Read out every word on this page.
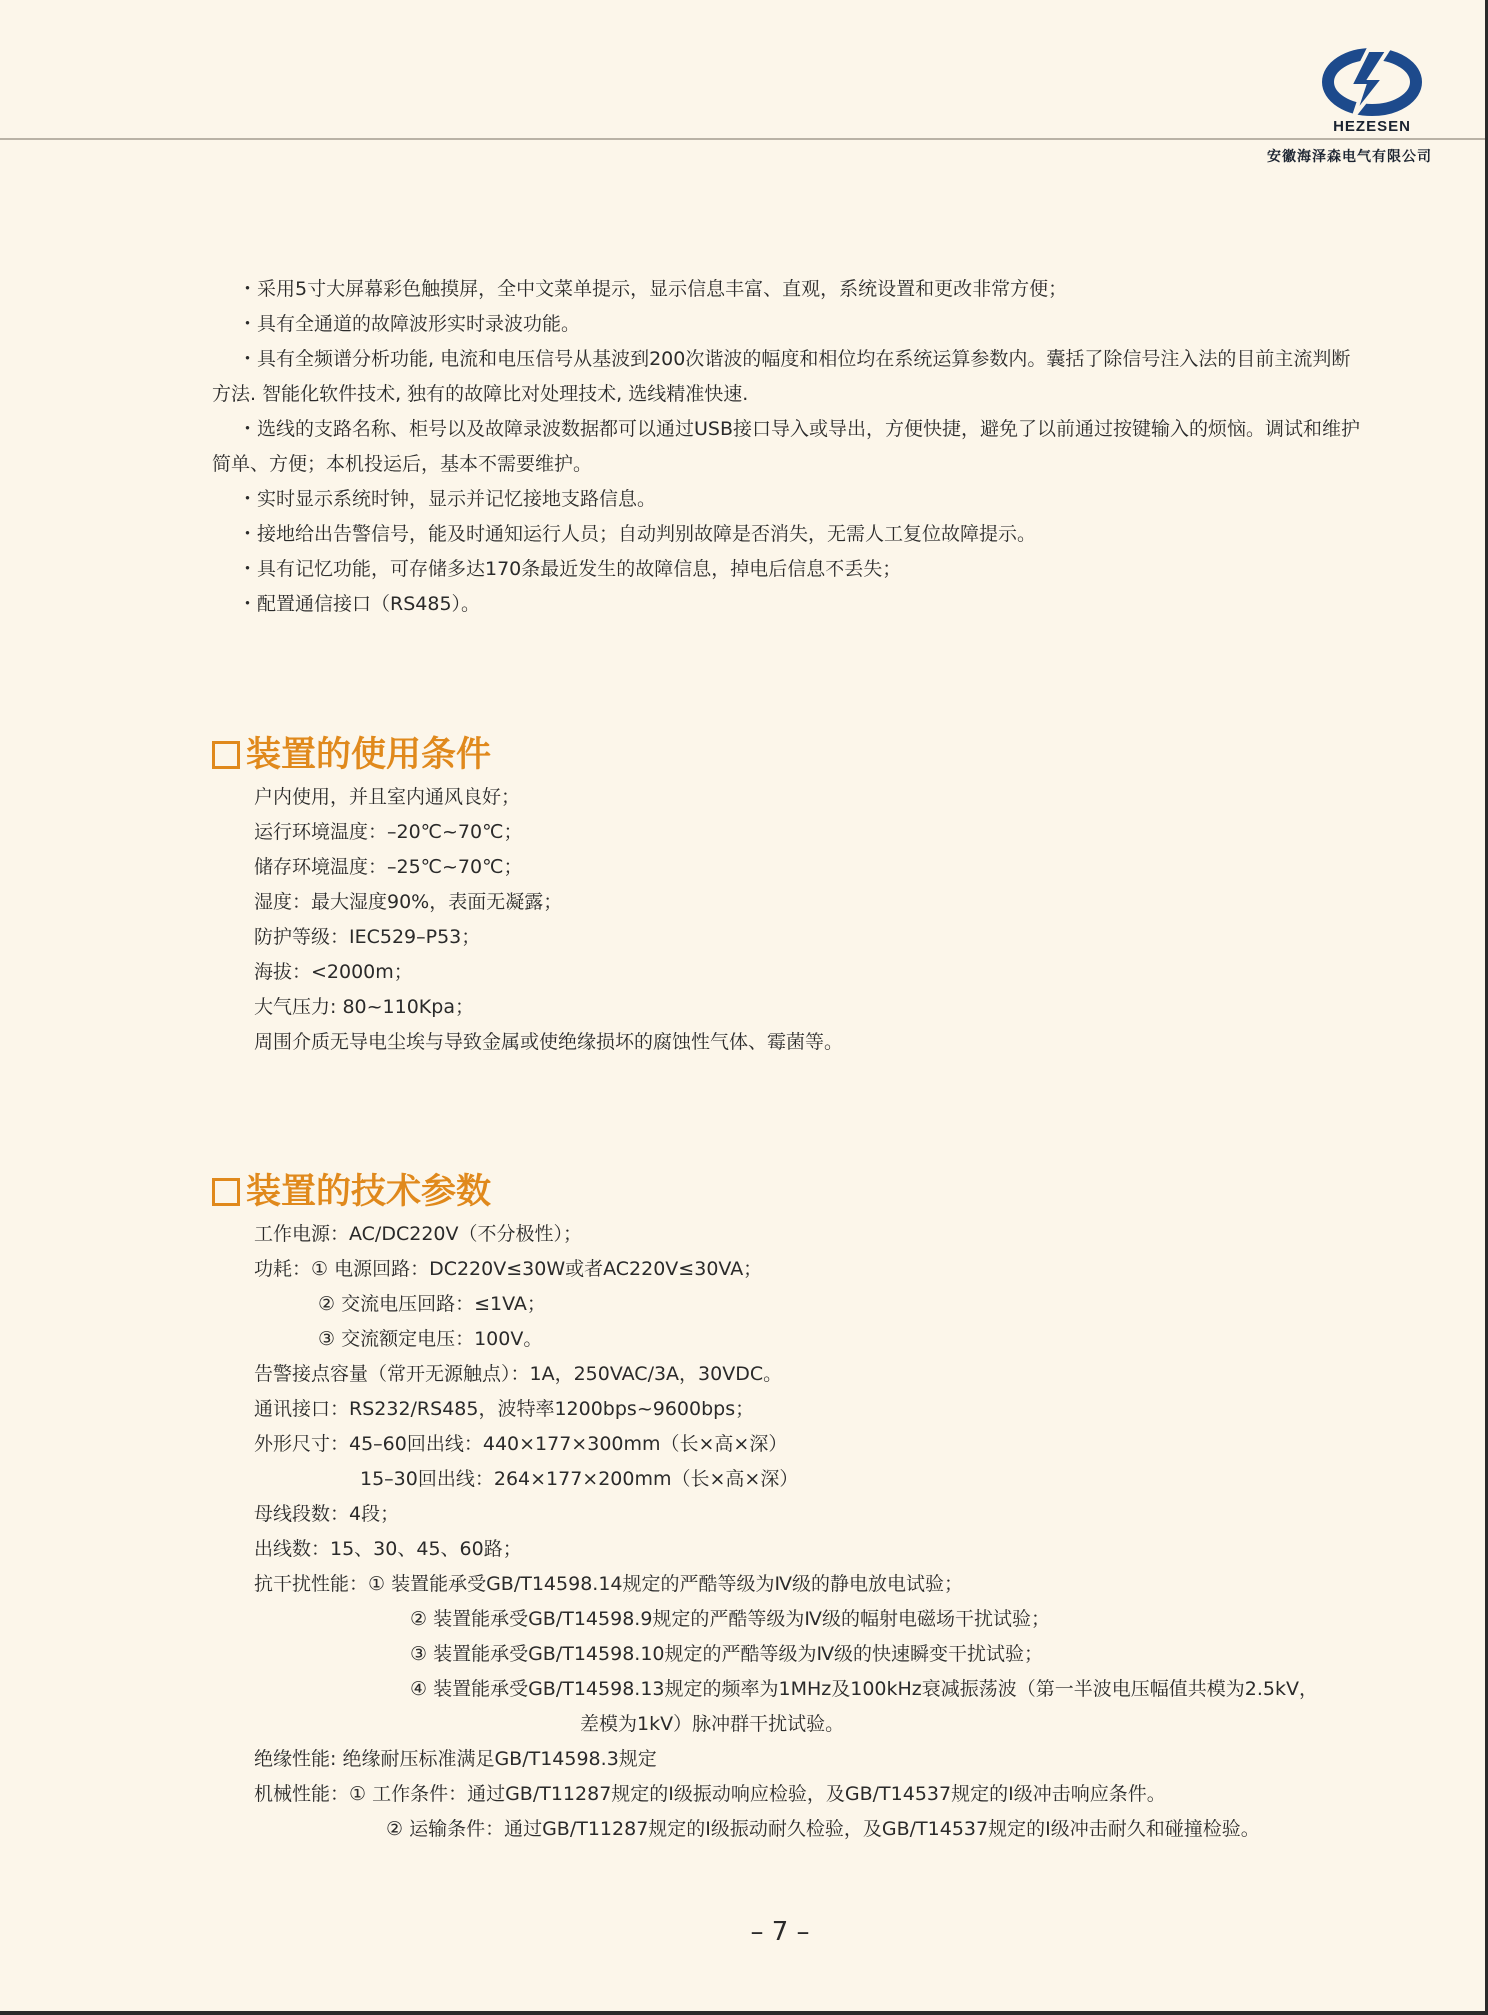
HEZESEN
安徽海泽森电气有限公司
・采用5寸大屏幕彩色触摸屏，全中文菜单提示，显示信息丰富、直观，系统设置和更改非常方便；
・具有全通道的故障波形实时录波功能。
・具有全频谱分析功能, 电流和电压信号从基波到200次谐波的幅度和相位均在系统运算参数内。囊括了除信号注入法的目前主流判断方法. 智能化软件技术, 独有的故障比对处理技术, 选线精准快速.
・选线的支路名称、柜号以及故障录波数据都可以通过USB接口导入或导出，方便快捷，避免了以前通过按键输入的烦恼。调试和维护简单、方便；本机投运后，基本不需要维护。
・实时显示系统时钟，显示并记忆接地支路信息。
・接地给出告警信号，能及时通知运行人员；自动判别故障是否消失，无需人工复位故障提示。
・具有记忆功能，可存储多达170条最近发生的故障信息，掉电后信息不丢失；
・配置通信接口（RS485）。
装置的使用条件
户内使用，并且室内通风良好；
运行环境温度：–20℃~70℃；
储存环境温度：–25℃~70℃；
湿度：最大湿度90%，表面无凝露；
防护等级：IEC529–P53；
海拔：<2000m；
大气压力: 80~110Kpa；
周围介质无导电尘埃与导致金属或使绝缘损坏的腐蚀性气体、霉菌等。
装置的技术参数
工作电源：AC/DC220V（不分极性）；
功耗：① 电源回路：DC220V≤30W或者AC220V≤30VA；
② 交流电压回路：≤1VA；
③ 交流额定电压：100V。
告警接点容量（常开无源触点）：1A，250VAC/3A，30VDC。
通讯接口：RS232/RS485，波特率1200bps~9600bps；
外形尺寸：45–60回出线：440×177×300mm（长×高×深）
15–30回出线：264×177×200mm（长×高×深）
母线段数：4段；
出线数：15、30、45、60路；
抗干扰性能：① 装置能承受GB/T14598.14规定的严酷等级为Ⅳ级的静电放电试验；
② 装置能承受GB/T14598.9规定的严酷等级为Ⅳ级的幅射电磁场干扰试验；
③ 装置能承受GB/T14598.10规定的严酷等级为Ⅳ级的快速瞬变干扰试验；
④ 装置能承受GB/T14598.13规定的频率为1MHz及100kHz衰减振荡波（第一半波电压幅值共模为2.5kV，
差模为1kV）脉冲群干扰试验。
绝缘性能: 绝缘耐压标准满足GB/T14598.3规定
机械性能：① 工作条件：通过GB/T11287规定的Ⅰ级振动响应检验，及GB/T14537规定的Ⅰ级冲击响应条件。
② 运输条件：通过GB/T11287规定的Ⅰ级振动耐久检验，及GB/T14537规定的Ⅰ级冲击耐久和碰撞检验。
– 7 –
